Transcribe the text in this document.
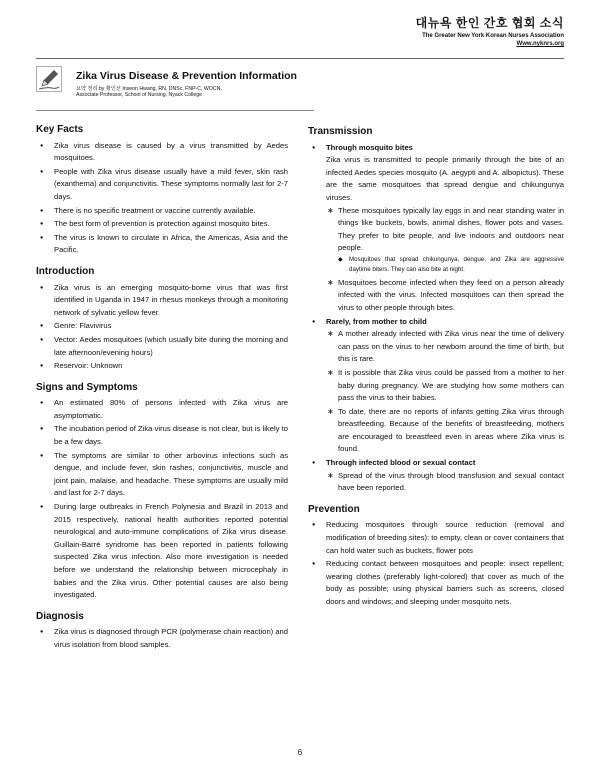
대뉴욕 한인 간호 협회 소식
The Greater New York Korean Nurses Association
Www.nyknrs.org
Zika Virus Disease & Prevention Information
요약 정리 by 황인선 Inseon Hwang, RN, DNSc, FNP-C, WOCN,
Associate Professor, School of Nursing, Nyack College
Key Facts
● Zika virus disease is caused by a virus transmitted by Aedes mosquitoes.
● People with Zika virus disease usually have a mild fever, skin rash (exanthema) and conjunctivitis. These symptoms normally last for 2-7 days.
● There is no specific treatment or vaccine currently available.
● The best form of prevention is protection against mosquito bites.
● The virus is known to circulate in Africa, the Americas, Asia and the Pacific.
Introduction
● Zika virus is an emerging mosquito-borne virus that was first identified in Uganda in 1947 in rhesus monkeys through a monitoring network of sylvatic yellow fever.
● Genre: Flavivirus
● Vector: Aedes mosquitoes (which usually bite during the morning and late afternoon/evening hours)
● Reservoir: Unknown
Signs and Symptoms
● An estimated 80% of persons infected with Zika virus are asymptomatic.
● The incubation period of Zika virus disease is not clear, but is likely to be a few days.
● The symptoms are similar to other arbovirus infections such as dengue, and include fever, skin rashes, conjunctivitis, muscle and joint pain, malaise, and headache. These symptoms are usually mild and last for 2-7 days.
● During large outbreaks in French Polynesia and Brazil in 2013 and 2015 respectively, national health authorities reported potential neurological and auto-immune complications of Zika virus disease. Guillain-Barré syndrome has been reported in patients following suspected Zika virus infection. Also more investigation is needed before we understand the relationship between microcephaly in babies and the Zika virus. Other potential causes are also being investigated.
Diagnosis
● Zika virus is diagnosed through PCR (polymerase chain reaction) and virus isolation from blood samples.
Transmission
● Through mosquito bites
Zika virus is transmitted to people primarily through the bite of an infected Aedes species mosquito (A. aegypti and A. albopictus). These are the same mosquitoes that spread dengue and chikungunya viruses.
∗ These mosquitoes typically lay eggs in and near standing water in things like buckets, bowls, animal dishes, flower pots and vases. They prefer to bite people, and live indoors and outdoors near people.
◆ Mosquitoes that spread chikungunya, dengue, and Zika are aggressive daytime biters. They can also bite at night.
∗ Mosquitoes become infected when they feed on a person already infected with the virus. Infected mosquitoes can then spread the virus to other people through bites.
● Rarely, from mother to child
∗ A mother already infected with Zika virus near the time of delivery can pass on the virus to her newborn around the time of birth, but this is rare.
∗ It is possible that Zika virus could be passed from a mother to her baby during pregnancy. We are studying how some mothers can pass the virus to their babies.
∗ To date, there are no reports of infants getting Zika virus through breastfeeding. Because of the benefits of breastfeeding, mothers are encouraged to breastfeed even in areas where Zika virus is found.
● Through infected blood or sexual contact
∗ Spread of the virus through blood transfusion and sexual contact have been reported.
Prevention
● Reducing mosquitoes through source reduction (removal and modification of breeding sites): to empty, clean or cover containers that can hold water such as buckets, flower pots
● Reducing contact between mosquitoes and people: insect repellent; wearing clothes (preferably light-colored) that cover as much of the body as possible; using physical barriers such as screens, closed doors and windows; and sleeping under mosquito nets.
6
